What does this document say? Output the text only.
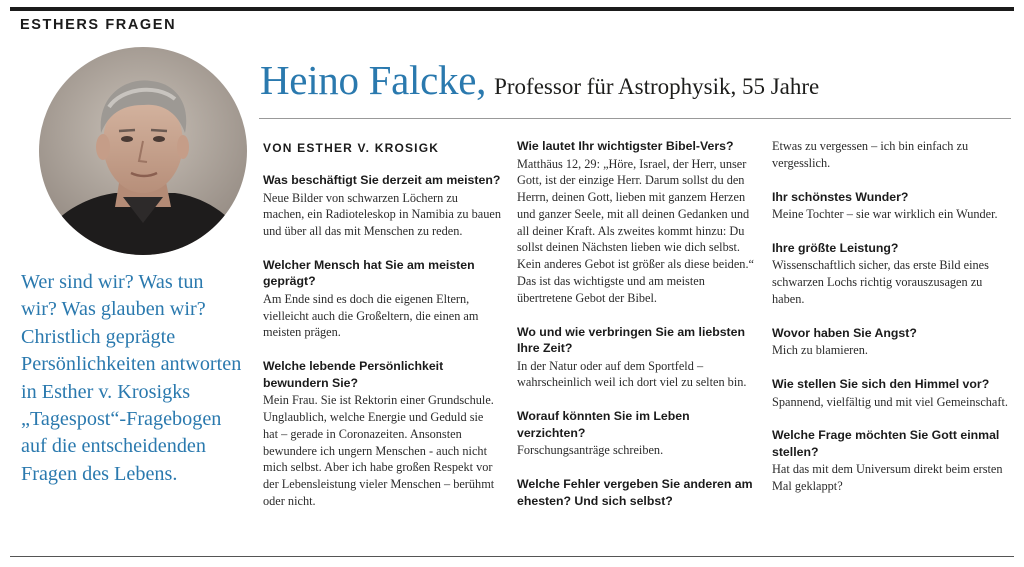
ESTHERS FRAGEN
Wer sind wir? Was tun wir? Was glauben wir? Christlich geprägte Persönlichkeiten antworten in Esther v. Krosigks „Tagespost“-Fragebogen auf die entscheidenden Fragen des Lebens.
Heino Falcke, Professor für Astrophysik, 55 Jahre
VON ESTHER V. KROSIGK
Was beschäftigt Sie derzeit am meisten?
Neue Bilder von schwarzen Löchern zu machen, ein Radioteleskop in Namibia zu bauen und über all das mit Menschen zu reden.
Welcher Mensch hat Sie am meisten geprägt?
Am Ende sind es doch die eigenen Eltern, vielleicht auch die Großeltern, die einen am meisten prägen.
Welche lebende Persönlichkeit bewundern Sie?
Mein Frau. Sie ist Rektorin einer Grundschule. Unglaublich, welche Energie und Geduld sie hat – gerade in Coronazeiten. Ansonsten bewundere ich ungern Menschen - auch nicht mich selbst. Aber ich habe großen Respekt vor der Lebensleistung vieler Menschen – berühmt oder nicht.
Wie lautet Ihr wichtigster Bibel-Vers?
Matthäus 12, 29: „Höre, Israel, der Herr, unser Gott, ist der einzige Herr. Darum sollst du den Herrn, deinen Gott, lieben mit ganzem Herzen und ganzer Seele, mit all deinen Gedanken und all deiner Kraft. Als zweites kommt hinzu: Du sollst deinen Nächsten lieben wie dich selbst. Kein anderes Gebot ist größer als diese beiden.“ Das ist das wichtigste und am meisten übertretene Gebot der Bibel.
Wo und wie verbringen Sie am liebsten Ihre Zeit?
In der Natur oder auf dem Sportfeld – wahrscheinlich weil ich dort viel zu selten bin.
Worauf könnten Sie im Leben verzichten?
Forschungsanträge schreiben.
Welche Fehler vergeben Sie anderen am ehesten? Und sich selbst?
Etwas zu vergessen – ich bin einfach zu vergesslich.
Ihr schönstes Wunder?
Meine Tochter – sie war wirklich ein Wunder.
Ihre größte Leistung?
Wissenschaftlich sicher, das erste Bild eines schwarzen Lochs richtig vorauszusagen zu haben.
Wovor haben Sie Angst?
Mich zu blamieren.
Wie stellen Sie sich den Himmel vor?
Spannend, vielfältig und mit viel Gemeinschaft.
Welche Frage möchten Sie Gott einmal stellen?
Hat das mit dem Universum direkt beim ersten Mal geklappt?
